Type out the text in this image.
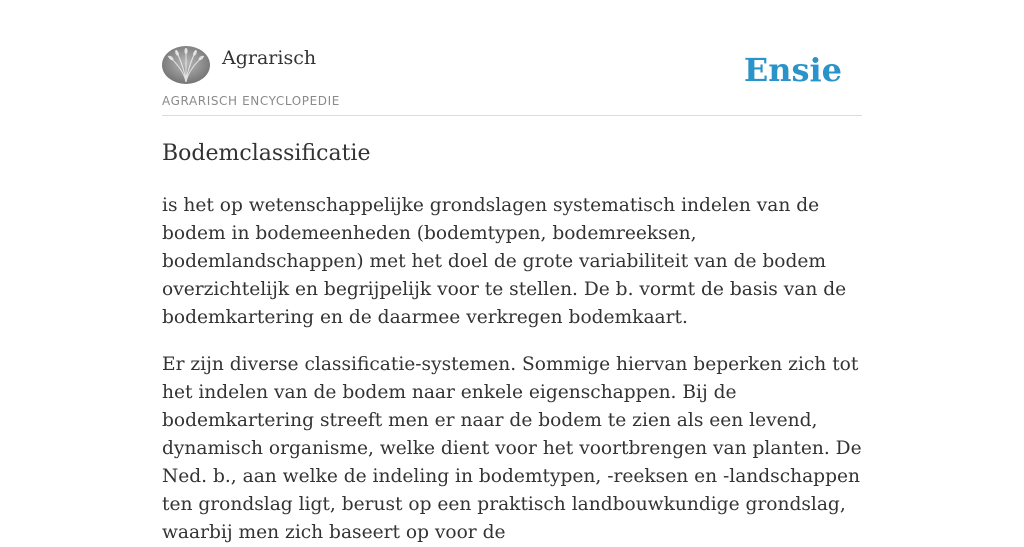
Agrarisch
AGRARISCH ENCYCLOPEDIE
Ensie
Bodemclassificatie

is het op wetenschappelijke grondslagen systematisch indelen van de bodem in bodemeenheden (bodemtypen, bodemreeksen, bodemlandschappen) met het doel de grote variabiliteit van de bodem overzichtelijk en begrijpelijk voor te stellen. De b. vormt de basis van de bodemkartering en de daarmee verkregen bodemkaart.

Er zijn diverse classificatie-systemen. Sommige hiervan beperken zich tot het indelen van de bodem naar enkele eigenschappen. Bij de bodemkartering streeft men er naar de bodem te zien als een levend, dynamisch organisme, welke dient voor het voortbrengen van planten. De Ned. b., aan welke de indeling in bodemtypen, -reeksen en -landschappen ten grondslag ligt, berust op een praktisch landbouwkundige grondslag, waarbij men zich baseert op voor de
